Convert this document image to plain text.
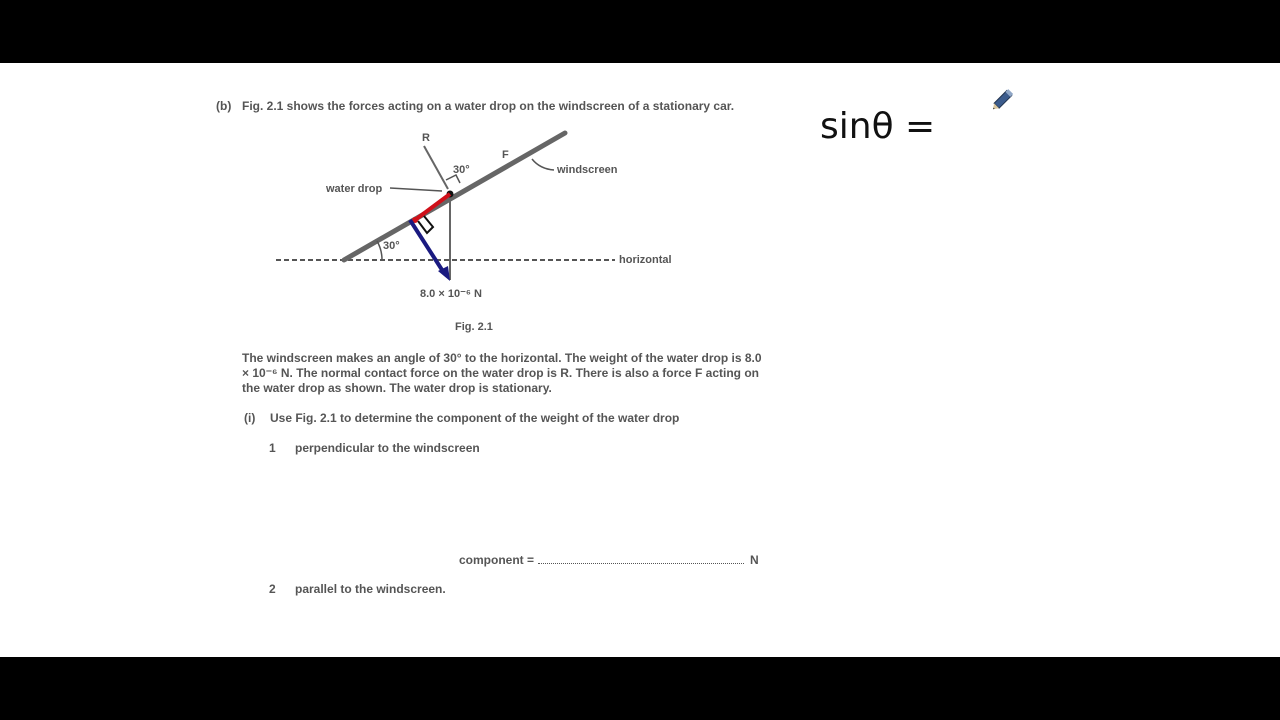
(b) Fig. 2.1 shows the forces acting on a water drop on the windscreen of a stationary car.
R
F
windscreen
water drop
horizontal
30°
30°
8.0 × 10⁻⁶ N
Fig. 2.1
The windscreen makes an angle of 30° to the horizontal. The weight of the water drop is 8.0 × 10⁻⁶ N. The normal contact force on the water drop is R. There is also a force F acting on the water drop as shown. The water drop is stationary.
(i) Use Fig. 2.1 to determine the component of the weight of the water drop
1 perpendicular to the windscreen
component =	N
2 parallel to the windscreen.
sinθ =
